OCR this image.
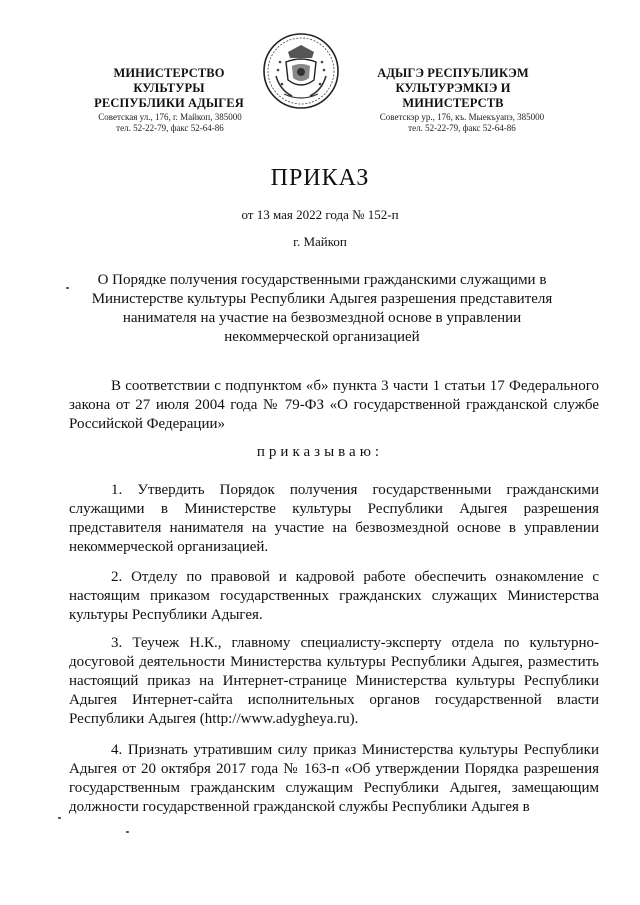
МИНИСТЕРСТВО КУЛЬТУРЫ
РЕСПУБЛИКИ АДЫГЕЯ
Советская ул., 176, г. Майкоп, 385000
тел. 52-22-79, факс 52-64-86
АДЫГЭ РЕСПУБЛИКЭМ
КУЛЬТУРЭМКIЭ И МИНИСТЕРСТВ
Советскэр ур., 176, къ. Мыекъуапэ, 385000
тел. 52-22-79, факс 52-64-86
ПРИКАЗ
от 13 мая 2022 года № 152-п
г. Майкоп
О Порядке получения государственными гражданскими служащими в Министерстве культуры Республики Адыгея разрешения представителя нанимателя на участие на безвозмездной основе в управлении некоммерческой организацией
В соответствии с подпунктом «б» пункта 3 части 1 статьи 17 Федерального закона от 27 июля 2004 года № 79-ФЗ «О государственной гражданской службе Российской Федерации»
приказываю:
1. Утвердить Порядок получения государственными гражданскими служащими в Министерстве культуры Республики Адыгея разрешения представителя нанимателя на участие на безвозмездной основе в управлении некоммерческой организацией.
2. Отделу по правовой и кадровой работе обеспечить ознакомление с настоящим приказом государственных гражданских служащих Министерства культуры Республики Адыгея.
3. Теучеж Н.К., главному специалисту-эксперту отдела по культурно-досуговой деятельности Министерства культуры Республики Адыгея, разместить настоящий приказ на Интернет-странице Министерства культуры Республики Адыгея Интернет-сайта исполнительных органов государственной власти Республики Адыгея (http://www.adygheya.ru).
4. Признать утратившим силу приказ Министерства культуры Республики Адыгея от 20 октября 2017 года № 163-п «Об утверждении Порядка разрешения государственным гражданским служащим Республики Адыгея, замещающим должности государственной гражданской службы Республики Адыгея в
